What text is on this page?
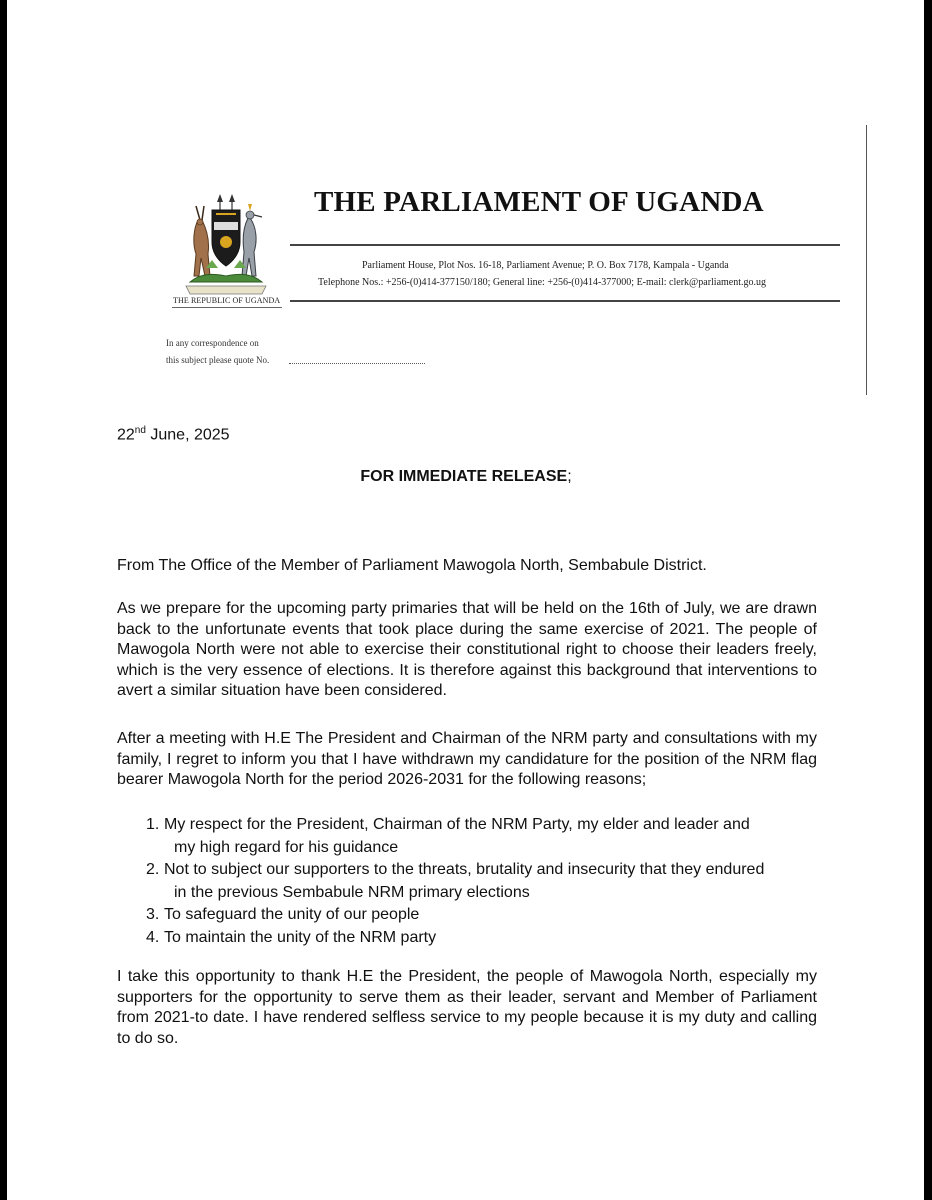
THE REPUBLIC OF UGANDA
THE PARLIAMENT OF UGANDA
Parliament House, Plot Nos. 16-18, Parliament Avenue; P. O. Box 7178, Kampala - Uganda
Telephone Nos.: +256-(0)414-377150/180; General line: +256-(0)414-377000; E-mail: clerk@parliament.go.ug
In any correspondence on
this subject please quote No.
22nd June, 2025
FOR IMMEDIATE RELEASE;
From The Office of the Member of Parliament Mawogola North, Sembabule District.
As we prepare for the upcoming party primaries that will be held on the 16th of July, we are drawn back to the unfortunate events that took place during the same exercise of 2021. The people of Mawogola North were not able to exercise their constitutional right to choose their leaders freely, which is the very essence of elections. It is therefore against this background that interventions to avert a similar situation have been considered.
After a meeting with H.E The President and Chairman of the NRM party and consultations with my family, I regret to inform you that I have withdrawn my candidature for the position of the NRM flag bearer Mawogola North for the period 2026-2031 for the following reasons;
1. My respect for the President, Chairman of the NRM Party, my elder and leader and
my high regard for his guidance
2. Not to subject our supporters to the threats, brutality and insecurity that they endured
in the previous Sembabule NRM primary elections
3. To safeguard the unity of our people
4. To maintain the unity of the NRM party
I take this opportunity to thank H.E the President, the people of Mawogola North, especially my supporters for the opportunity to serve them as their leader, servant and Member of Parliament from 2021-to date. I have rendered selfless service to my people because it is my duty and calling to do so.
